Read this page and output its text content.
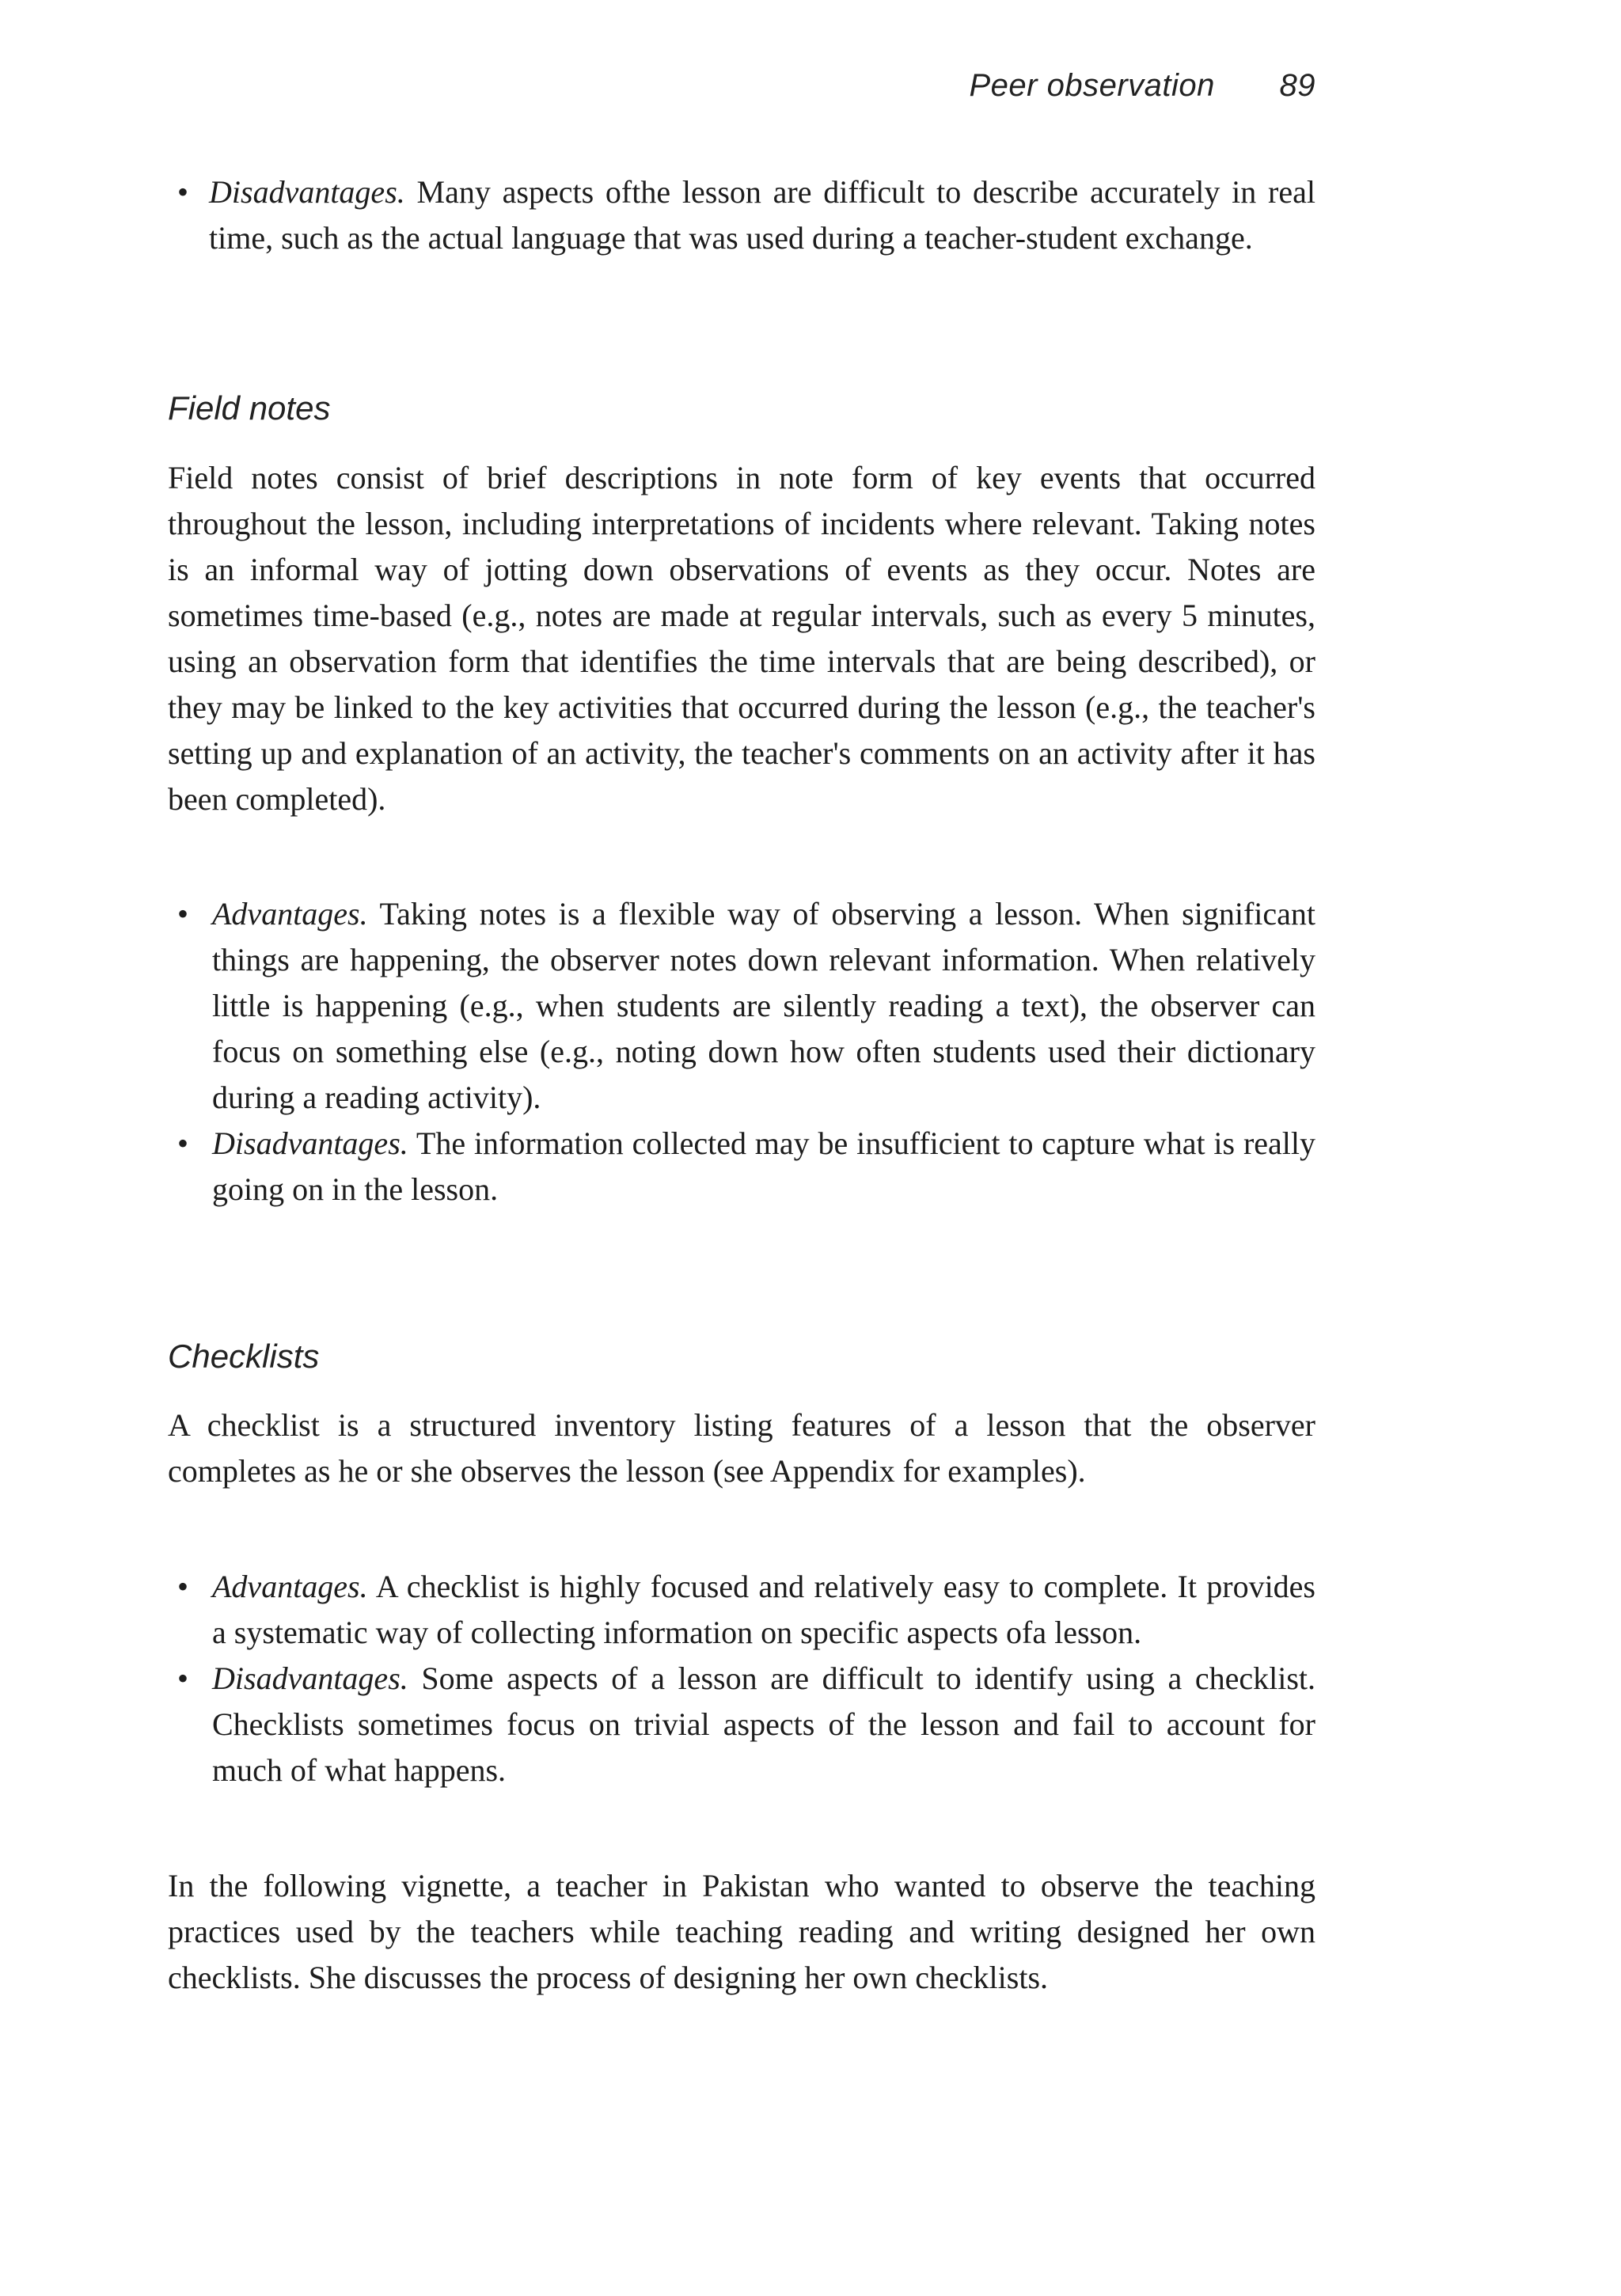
Peer observation 89
• Disadvantages. Many aspects ofthe lesson are difficult to describe accurately in real time, such as the actual language that was used during a teacher-student exchange.
Field notes
Field notes consist of brief descriptions in note form of key events that occurred throughout the lesson, including interpretations of incidents where relevant. Taking notes is an informal way of jotting down observations of events as they occur. Notes are sometimes time-based (e.g., notes are made at regular intervals, such as every 5 minutes, using an observation form that identifies the time intervals that are being described), or they may be linked to the key activities that occurred during the lesson (e.g., the teacher's setting up and explanation of an activity, the teacher's comments on an activity after it has been completed).
• Advantages. Taking notes is a flexible way of observing a lesson. When significant things are happening, the observer notes down relevant information. When relatively little is happening (e.g., when students are silently reading a text), the observer can focus on something else (e.g., noting down how often students used their dictionary during a reading activity).
• Disadvantages. The information collected may be insufficient to capture what is really going on in the lesson.
Checklists
A checklist is a structured inventory listing features of a lesson that the observer completes as he or she observes the lesson (see Appendix for examples).
• Advantages. A checklist is highly focused and relatively easy to complete. It provides a systematic way of collecting information on specific aspects ofa lesson.
• Disadvantages. Some aspects of a lesson are difficult to identify using a checklist. Checklists sometimes focus on trivial aspects of the lesson and fail to account for much of what happens.
In the following vignette, a teacher in Pakistan who wanted to observe the teaching practices used by the teachers while teaching reading and writing designed her own checklists. She discusses the process of designing her own checklists.
